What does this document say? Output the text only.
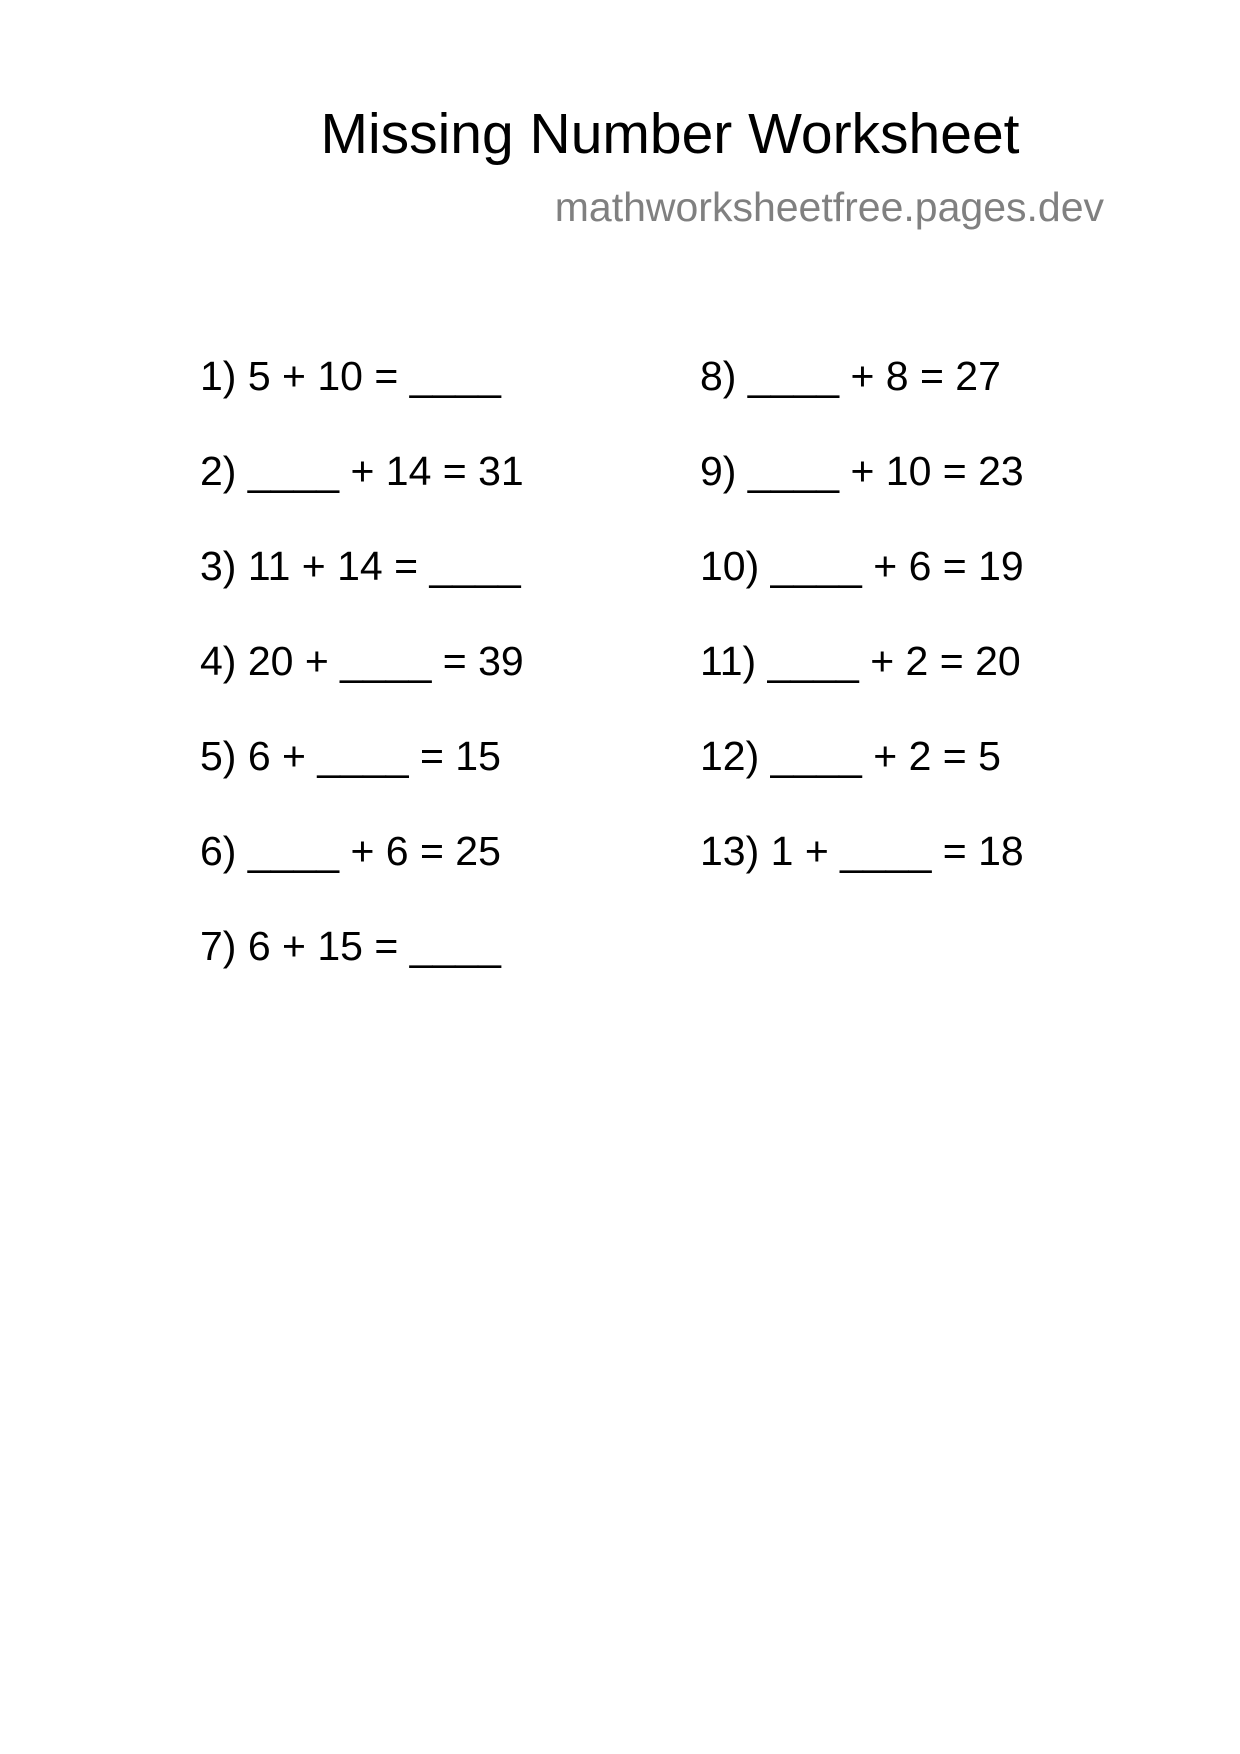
Missing Number Worksheet
mathworksheetfree.pages.dev
1) 5 + 10 = ____
2) ____ + 14 = 31
3) 11 + 14 = ____
4) 20 + ____ = 39
5) 6 + ____ = 15
6) ____ + 6 = 25
7) 6 + 15 = ____
8) ____ + 8 = 27
9) ____ + 10 = 23
10) ____ + 6 = 19
11) ____ + 2 = 20
12) ____ + 2 = 5
13) 1 + ____ = 18
